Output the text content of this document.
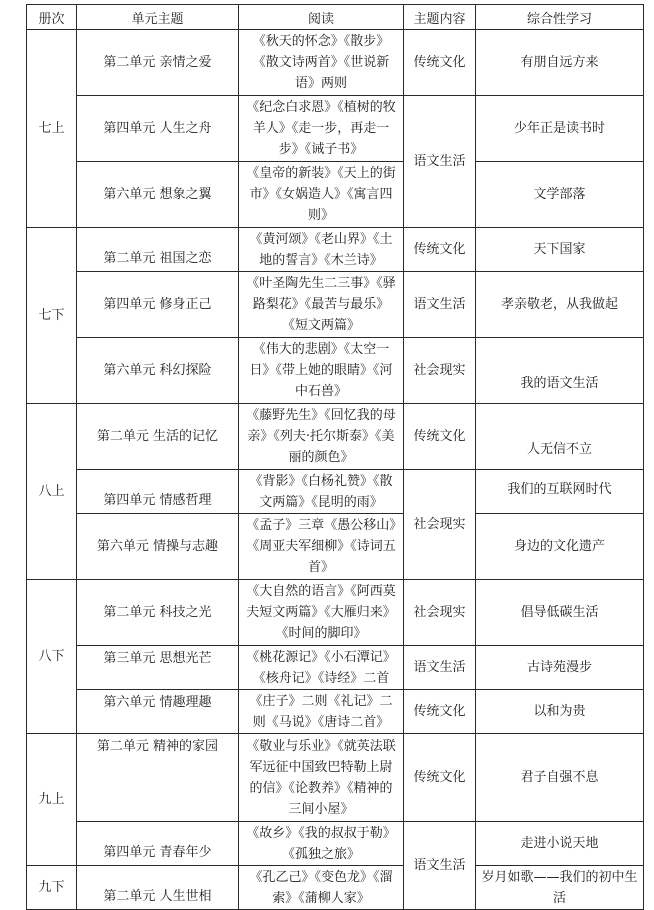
册次	单元主题	阅读	主题内容	综合性学习

七上	第二单元 亲情之爱	《秋天的怀念》《散步》《散文诗两首》《世说新语》两则	传统文化	有朋自远方来

	第四单元 人生之舟	《纪念白求恩》《植树的牧羊人》《走一步，再走一步》《诫子书》	语文生活	少年正是读书时

	第六单元 想象之翼	《皇帝的新装》《天上的街市》《女娲造人》《寓言四则》		文学部落

七下	第二单元 祖国之恋	《黄河颂》《老山界》《土地的誓言》《木兰诗》	传统文化	天下国家

	第四单元 修身正己	《叶圣陶先生二三事》《驿路梨花》《最苦与最乐》《短文两篇》	语文生活	孝亲敬老，从我做起

	第六单元 科幻探险	《伟大的悲剧》《太空一日》《带上她的眼睛》《河中石兽》	社会现实	我的语文生活

八上	第二单元 生活的记忆	《藤野先生》《回忆我的母亲》《列夫·托尔斯泰》《美丽的颜色》	传统文化	人无信不立

	第四单元 情感哲理	《背影》《白杨礼赞》《散文两篇》《昆明的雨》	社会现实	我们的互联网时代

	第六单元 情操与志趣	《孟子》三章《愚公移山》《周亚夫军细柳》《诗词五首》		身边的文化遗产

八下	第二单元 科技之光	《大自然的语言》《阿西莫夫短文两篇》《大雁归来》《时间的脚印》	社会现实	倡导低碳生活

	第三单元 思想光芒	《桃花源记》《小石潭记》《核舟记》《诗经》二首	语文生活	古诗苑漫步

	第六单元 情趣理趣	《庄子》二则《礼记》二则《马说》《唐诗二首》	传统文化	以和为贵

九上	第二单元 精神的家园	《敬业与乐业》《就英法联军远征中国致巴特勒上尉的信》《论教养》《精神的三间小屋》	传统文化	君子自强不息

	第四单元 青春年少	《故乡》《我的叔叔于勒》《孤独之旅》	语文生活	走进小说天地

九下	第二单元 人生世相	《孔乙己》《变色龙》《溜索》《蒲柳人家》		岁月如歌——我们的初中生活
